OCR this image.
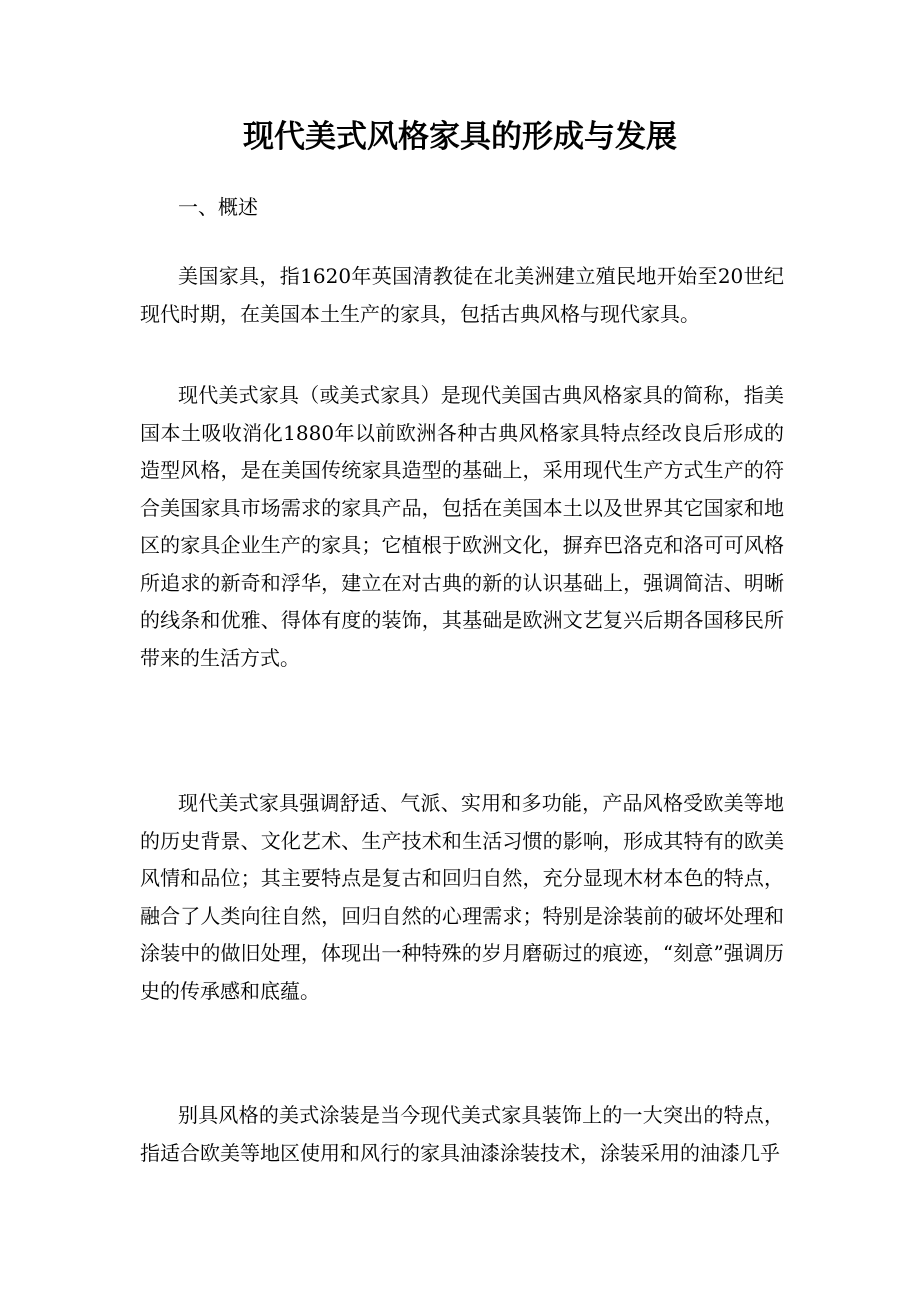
现代美式风格家具的形成与发展

一、概述

美国家具，指1620年英国清教徒在北美洲建立殖民地开始至20世纪现代时期，在美国本土生产的家具，包括古典风格与现代家具。

现代美式家具（或美式家具）是现代美国古典风格家具的简称，指美国本土吸收消化1880年以前欧洲各种古典风格家具特点经改良后形成的造型风格，是在美国传统家具造型的基础上，采用现代生产方式生产的符合美国家具市场需求的家具产品，包括在美国本土以及世界其它国家和地区的家具企业生产的家具；它植根于欧洲文化，摒弃巴洛克和洛可可风格所追求的新奇和浮华，建立在对古典的新的认识基础上，强调简洁、明晰的线条和优雅、得体有度的装饰，其基础是欧洲文艺复兴后期各国移民所带来的生活方式。

现代美式家具强调舒适、气派、实用和多功能，产品风格受欧美等地的历史背景、文化艺术、生产技术和生活习惯的影响，形成其特有的欧美风情和品位；其主要特点是复古和回归自然，充分显现木材本色的特点，融合了人类向往自然，回归自然的心理需求；特别是涂装前的破坏处理和涂装中的做旧处理，体现出一种特殊的岁月磨砺过的痕迹，“刻意”强调历史的传承感和底蕴。

别具风格的美式涂装是当今现代美式家具装饰上的一大突出的特点，指适合欧美等地区使用和风行的家具油漆涂装技术，涂装采用的油漆几乎
